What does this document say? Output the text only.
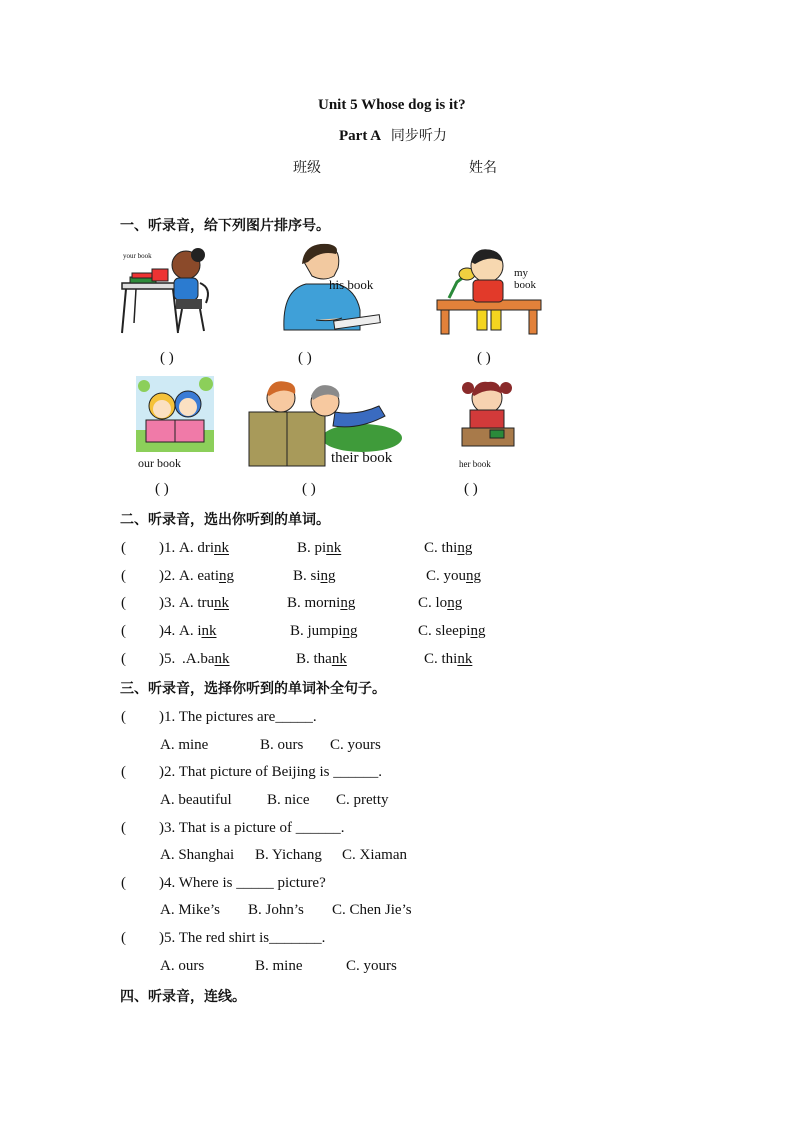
Unit 5 Whose dog is it?
Part A 同步听力
班级	姓名
一、听录音，给下列图片排序号。
your book
his book
my
book
( )	( )	( )
our book	their book	her book
( )	( )	( )
二、听录音，选出你听到的单词。
( )1. A. drink	B. pink	C. thing
( )2. A. eating	B. sing	C. young
( )3. A. trunk	B. morning	C. long
( )4. A. ink	B. jumping	C. sleeping
( )5. .A.bank	B. thank	C. think
三、听录音，选择你听到的单词补全句子。
( )1. The pictures are_____.
A. mine	B. ours C. yours
( )2. That picture of Beijing is ______.
A. beautiful B. nice C. pretty
( )3. That is a picture of ______.
A. Shanghai B. Yichang C. Xiaman
( )4. Where is _____ picture?
A. Mike’s B. John’s C. Chen Jie’s
( )5. The red shirt is_______.
A. ours	B. mine	C. yours
四、听录音，连线。
